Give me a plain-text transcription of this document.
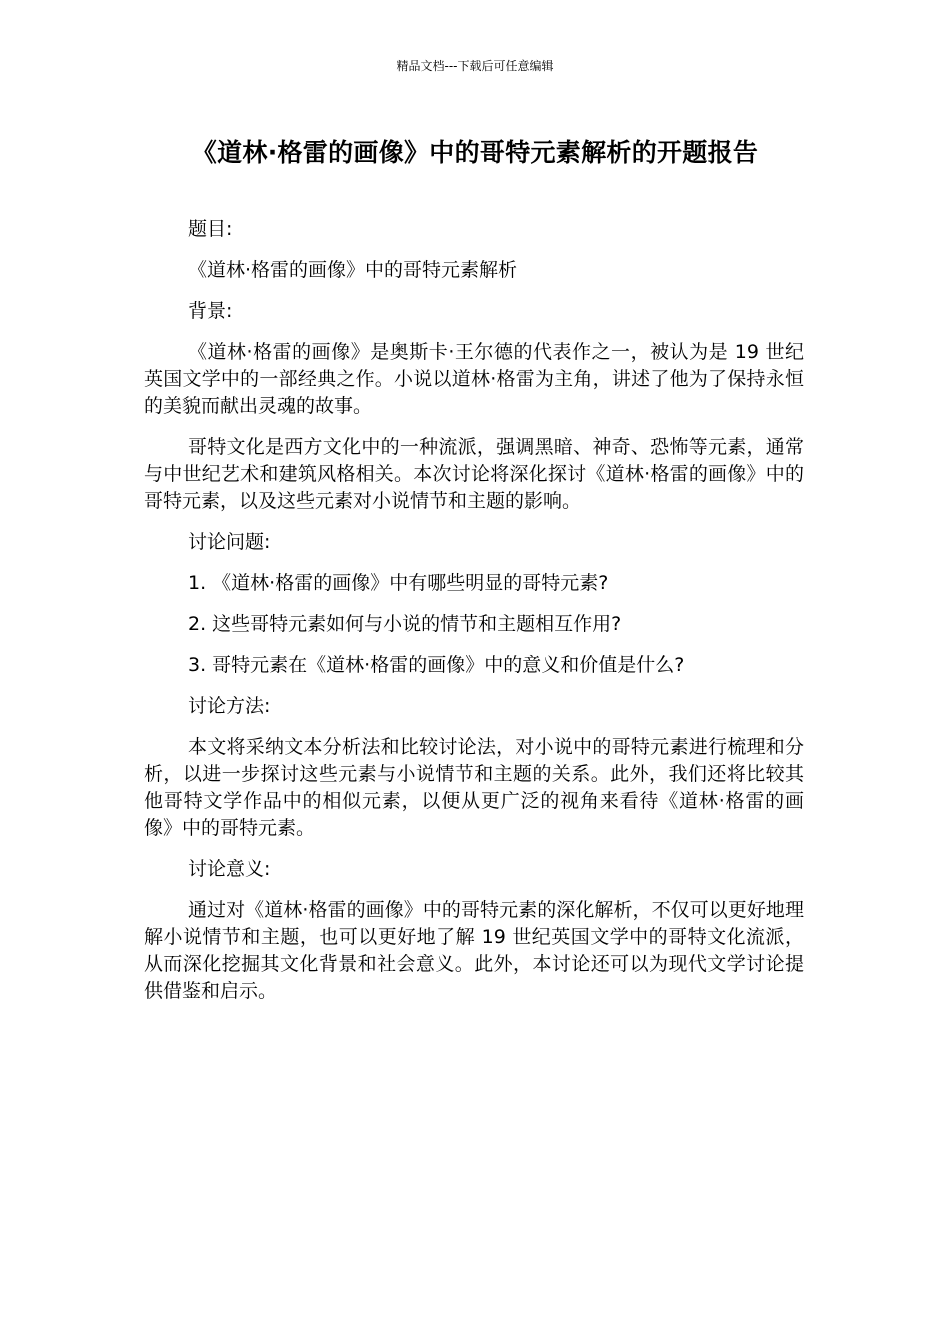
精品文档---下载后可任意编辑
《道林·格雷的画像》中的哥特元素解析的开题报告

题目:

《道林·格雷的画像》中的哥特元素解析

背景:

《道林·格雷的画像》是奥斯卡·王尔德的代表作之一，被认为是 19 世纪英国文学中的一部经典之作。小说以道林·格雷为主角，讲述了他为了保持永恒的美貌而献出灵魂的故事。

哥特文化是西方文化中的一种流派，强调黑暗、神奇、恐怖等元素，通常与中世纪艺术和建筑风格相关。本次讨论将深化探讨《道林·格雷的画像》中的哥特元素，以及这些元素对小说情节和主题的影响。

讨论问题:

1. 《道林·格雷的画像》中有哪些明显的哥特元素?

2. 这些哥特元素如何与小说的情节和主题相互作用?

3. 哥特元素在《道林·格雷的画像》中的意义和价值是什么?

讨论方法:

本文将采纳文本分析法和比较讨论法，对小说中的哥特元素进行梳理和分析，以进一步探讨这些元素与小说情节和主题的关系。此外，我们还将比较其他哥特文学作品中的相似元素，以便从更广泛的视角来看待《道林·格雷的画像》中的哥特元素。

讨论意义:

通过对《道林·格雷的画像》中的哥特元素的深化解析，不仅可以更好地理解小说情节和主题，也可以更好地了解 19 世纪英国文学中的哥特文化流派，从而深化挖掘其文化背景和社会意义。此外，本讨论还可以为现代文学讨论提供借鉴和启示。
